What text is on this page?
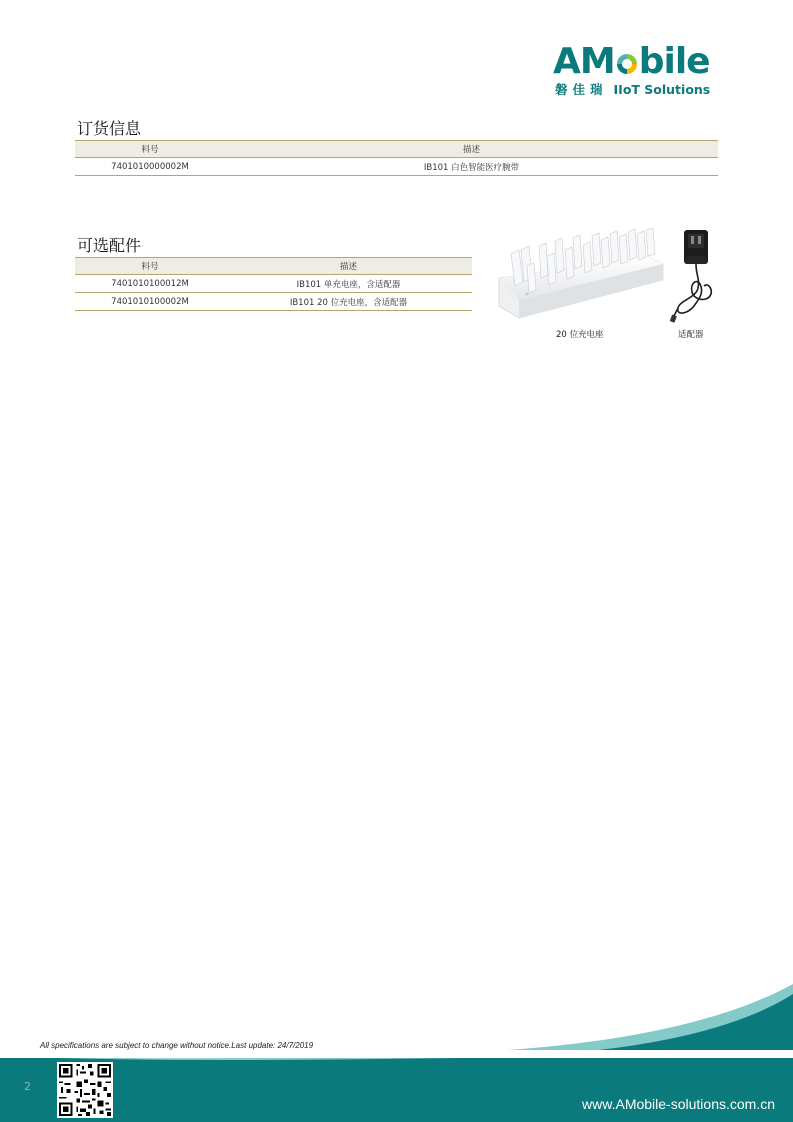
AM bile
磐佳瑞 IIoT Solutions
订货信息
料号	描述
7401010000002M	IB101 白色智能医疗腕带
可选配件
料号	描述
7401010100012M	IB101 单充电座，含适配器
7401010100002M	IB101 20 位充电座，含适配器
20 位充电座	适配器
All specifications are subject to change without notice.Last update: 24/7/2019
2
www.AMobile-solutions.com.cn
